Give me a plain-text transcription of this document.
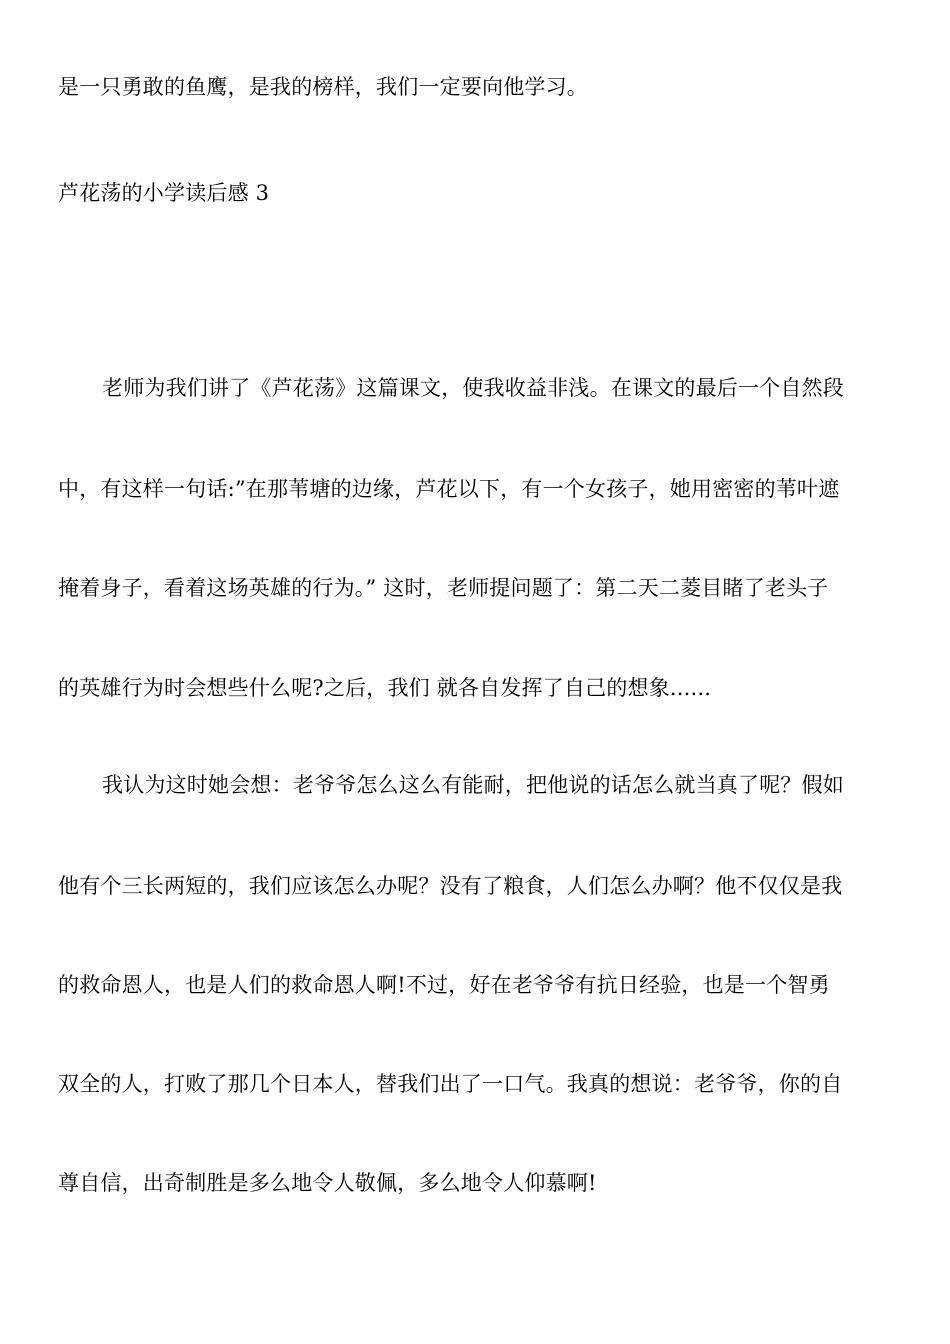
是一只勇敢的鱼鹰，是我的榜样，我们一定要向他学习。
芦花荡的小学读后感 3
老师为我们讲了《芦花荡》这篇课文，使我收益非浅。在课文的最后一个自然段
中，有这样一句话:”在那苇塘的边缘，芦花以下，有一个女孩子，她用密密的苇叶遮
掩着身子，看着这场英雄的行为。” 这时，老师提问题了：第二天二菱目睹了老头子
的英雄行为时会想些什么呢?之后，我们 就各自发挥了自己的想象......
我认为这时她会想：老爷爷怎么这么有能耐，把他说的话怎么就当真了呢？假如
他有个三长两短的，我们应该怎么办呢？没有了粮食，人们怎么办啊？他不仅仅是我
的救命恩人，也是人们的救命恩人啊!不过，好在老爷爷有抗日经验，也是一个智勇
双全的人，打败了那几个日本人，替我们出了一口气。我真的想说：老爷爷，你的自
尊自信，出奇制胜是多么地令人敬佩，多么地令人仰慕啊!
